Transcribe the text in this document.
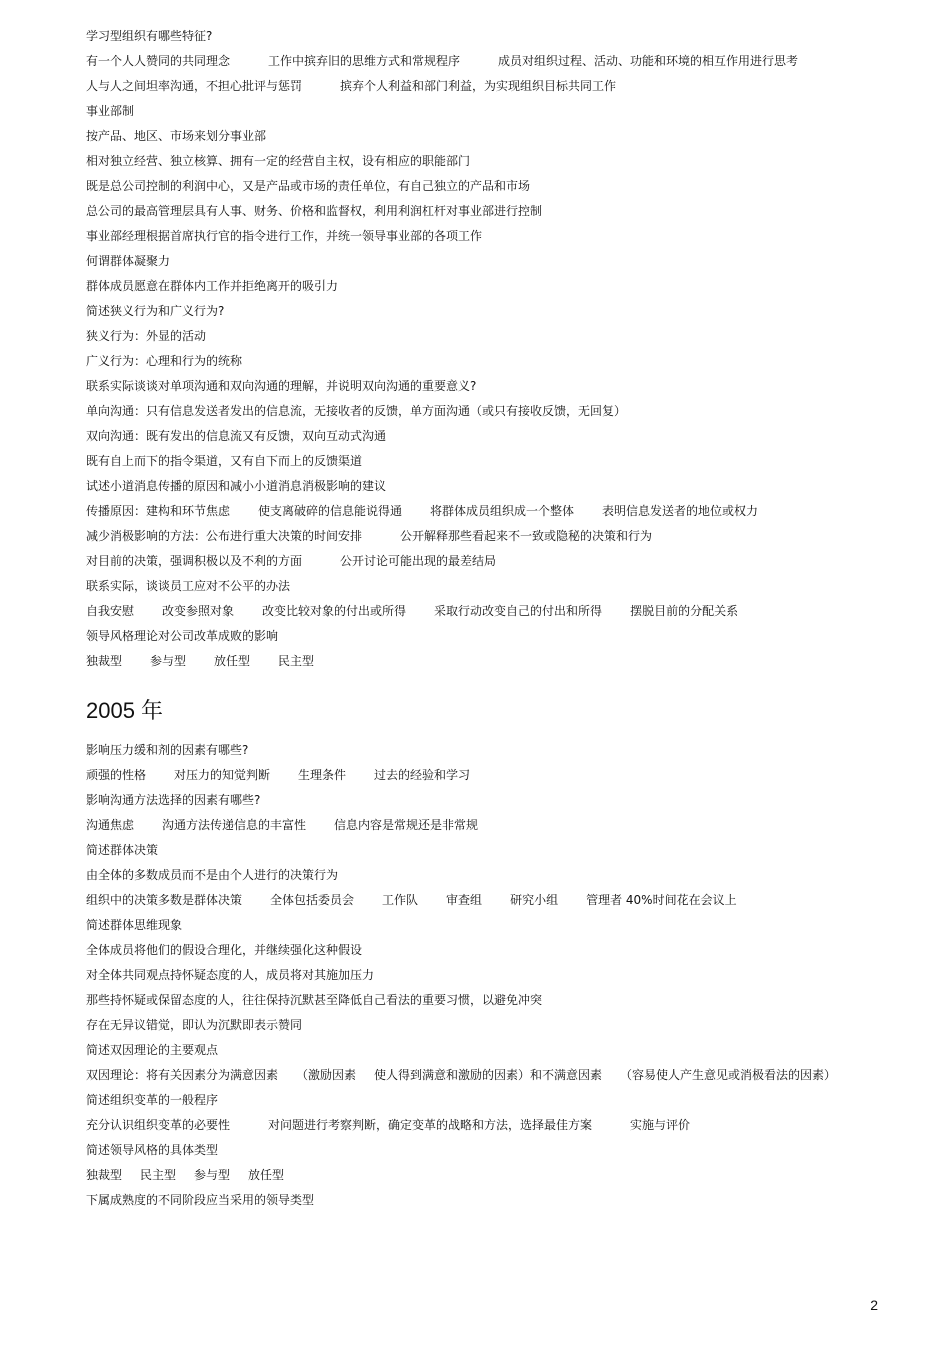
学习型组织有哪些特征?
有一个人人赞同的共同理念	工作中摈弃旧的思维方式和常规程序	成员对组织过程、活动、功能和环境的相互作用进行思考
人与人之间坦率沟通，不担心批评与惩罚	摈弃个人利益和部门利益，为实现组织目标共同工作
事业部制
按产品、地区、市场来划分事业部
相对独立经营、独立核算、拥有一定的经营自主权，设有相应的职能部门
既是总公司控制的利润中心，又是产品或市场的责任单位，有自己独立的产品和市场
总公司的最高管理层具有人事、财务、价格和监督权，利用利润杠杆对事业部进行控制
事业部经理根据首席执行官的指令进行工作，并统一领导事业部的各项工作
何谓群体凝聚力
群体成员愿意在群体内工作并拒绝离开的吸引力
简述狭义行为和广义行为?
狭义行为：外显的活动
广义行为：心理和行为的统称
联系实际谈谈对单项沟通和双向沟通的理解，并说明双向沟通的重要意义?
单向沟通：只有信息发送者发出的信息流，无接收者的反馈，单方面沟通（或只有接收反馈，无回复）
双向沟通：既有发出的信息流又有反馈，双向互动式沟通
既有自上而下的指令渠道，又有自下而上的反馈渠道
试述小道消息传播的原因和减小小道消息消极影响的建议
传播原因：建构和环节焦虑 使支离破碎的信息能说得通 将群体成员组织成一个整体 表明信息发送者的地位或权力
减少消极影响的方法：公布进行重大决策的时间安排	公开解释那些看起来不一致或隐秘的决策和行为
对目前的决策，强调积极以及不利的方面	公开讨论可能出现的最差结局
联系实际，谈谈员工应对不公平的办法
自我安慰 改变参照对象 改变比较对象的付出或所得 采取行动改变自己的付出和所得 摆脱目前的分配关系
领导风格理论对公司改革成败的影响
独裁型 参与型 放任型 民主型
2005 年
影响压力缓和剂的因素有哪些?
顽强的性格 对压力的知觉判断 生理条件 过去的经验和学习
影响沟通方法选择的因素有哪些?
沟通焦虑 沟通方法传递信息的丰富性 信息内容是常规还是非常规
简述群体决策
由全体的多数成员而不是由个人进行的决策行为
组织中的决策多数是群体决策 全体包括委员会 工作队 审查组 研究小组 管理者 40%时间花在会议上
简述群体思维现象
全体成员将他们的假设合理化，并继续强化这种假设
对全体共同观点持怀疑态度的人，成员将对其施加压力
那些持怀疑或保留态度的人，往往保持沉默甚至降低自己看法的重要习惯，以避免冲突
存在无异议错觉，即认为沉默即表示赞同
简述双因理论的主要观点
双因理论：将有关因素分为满意因素 （激励因素 使人得到满意和激励的因素）和不满意因素 （容易使人产生意见或消极看法的因素）
简述组织变革的一般程序
充分认识组织变革的必要性	对问题进行考察判断，确定变革的战略和方法，选择最佳方案	实施与评价
简述领导风格的具体类型
独裁型 民主型 参与型 放任型
下属成熟度的不同阶段应当采用的领导类型
2
